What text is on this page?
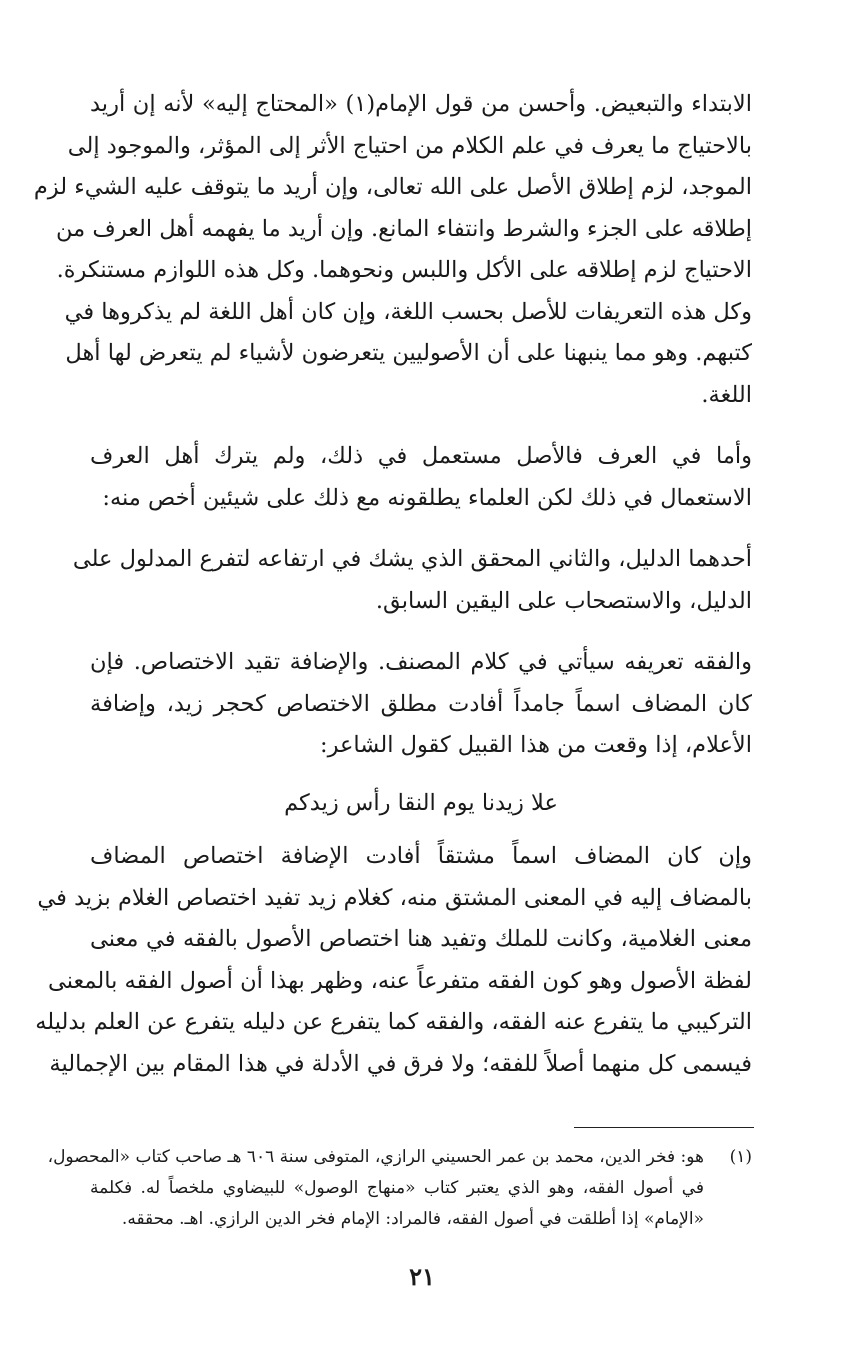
الابتداء والتبعيض. وأحسن من قول الإمام(١) «المحتاج إليه» لأنه إن أريد
بالاحتياج ما يعرف في علم الكلام من احتياج الأثر إلى المؤثر، والموجود إلى
الموجد، لزم إطلاق الأصل على الله تعالى، وإن أريد ما يتوقف عليه الشيء لزم
إطلاقه على الجزء والشرط وانتفاء المانع. وإن أريد ما يفهمه أهل العرف من
الاحتياج لزم إطلاقه على الأكل واللبس ونحوهما. وكل هذه اللوازم مستنكرة.
وكل هذه التعريفات للأصل بحسب اللغة، وإن كان أهل اللغة لم يذكروها في
كتبهم. وهو مما ينبهنا على أن الأصوليين يتعرضون لأشياء لم يتعرض لها أهل
اللغة.

وأما في العرف فالأصل مستعمل في ذلك، ولم يترك أهل العرف
الاستعمال في ذلك لكن العلماء يطلقونه مع ذلك على شيئين أخص منه:

أحدهما الدليل، والثاني المحقق الذي يشك في ارتفاعه لتفرع المدلول على
الدليل، والاستصحاب على اليقين السابق.

والفقه تعريفه سيأتي في كلام المصنف. والإضافة تقيد الاختصاص. فإن
كان المضاف اسماً جامداً أفادت مطلق الاختصاص كحجر زيد، وإضافة
الأعلام، إذا وقعت من هذا القبيل كقول الشاعر:

علا زيدنا يوم النقا رأس زيدكم

وإن كان المضاف اسماً مشتقاً أفادت الإضافة اختصاص المضاف
بالمضاف إليه في المعنى المشتق منه، كغلام زيد تفيد اختصاص الغلام بزيد في
معنى الغلامية، وكانت للملك وتفيد هنا اختصاص الأصول بالفقه في معنى
لفظة الأصول وهو كون الفقه متفرعاً عنه، وظهر بهذا أن أصول الفقه بالمعنى
التركيبي ما يتفرع عنه الفقه، والفقه كما يتفرع عن دليله يتفرع عن العلم بدليله
فيسمى كل منهما أصلاً للفقه؛ ولا فرق في الأدلة في هذا المقام بين الإجمالية

(١)
هو: فخر الدين، محمد بن عمر الحسيني الرازي، المتوفى سنة ٦٠٦ هـ صاحب كتاب «المحصول،
في أصول الفقه، وهو الذي يعتبر كتاب «منهاج الوصول» للبيضاوي ملخصاً له. فكلمة
«الإمام» إذا أطلقت في أصول الفقه، فالمراد: الإمام فخر الدين الرازي. اهـ. محققه.
٢١
